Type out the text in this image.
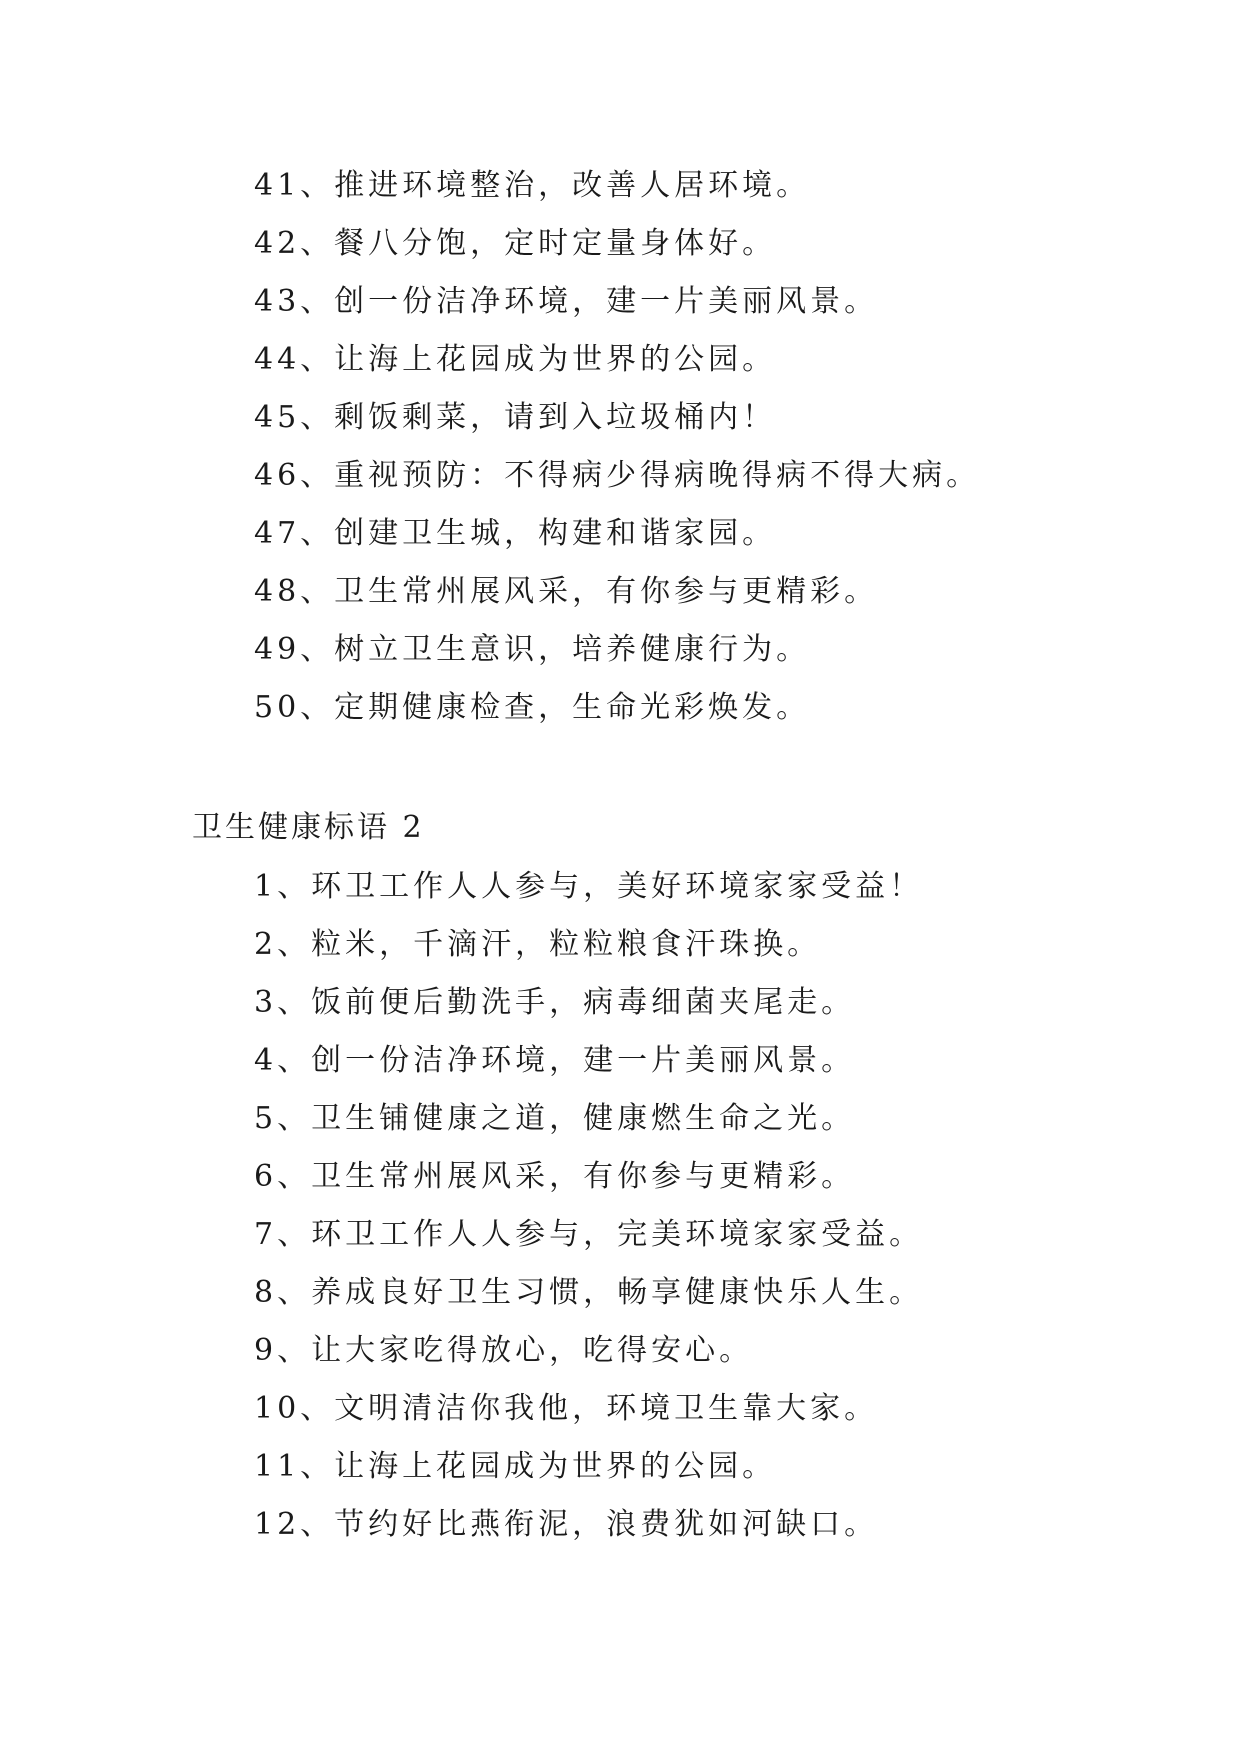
41、推进环境整治，改善人居环境。
42、餐八分饱，定时定量身体好。
43、创一份洁净环境，建一片美丽风景。
44、让海上花园成为世界的公园。
45、剩饭剩菜，请到入垃圾桶内！
46、重视预防：不得病少得病晚得病不得大病。
47、创建卫生城，构建和谐家园。
48、卫生常州展风采，有你参与更精彩。
49、树立卫生意识，培养健康行为。
50、定期健康检查，生命光彩焕发。
卫生健康标语 2
1、环卫工作人人参与，美好环境家家受益！
2、粒米，千滴汗，粒粒粮食汗珠换。
3、饭前便后勤洗手，病毒细菌夹尾走。
4、创一份洁净环境，建一片美丽风景。
5、卫生铺健康之道，健康燃生命之光。
6、卫生常州展风采，有你参与更精彩。
7、环卫工作人人参与，完美环境家家受益。
8、养成良好卫生习惯，畅享健康快乐人生。
9、让大家吃得放心，吃得安心。
10、文明清洁你我他，环境卫生靠大家。
11、让海上花园成为世界的公园。
12、节约好比燕衔泥，浪费犹如河缺口。
